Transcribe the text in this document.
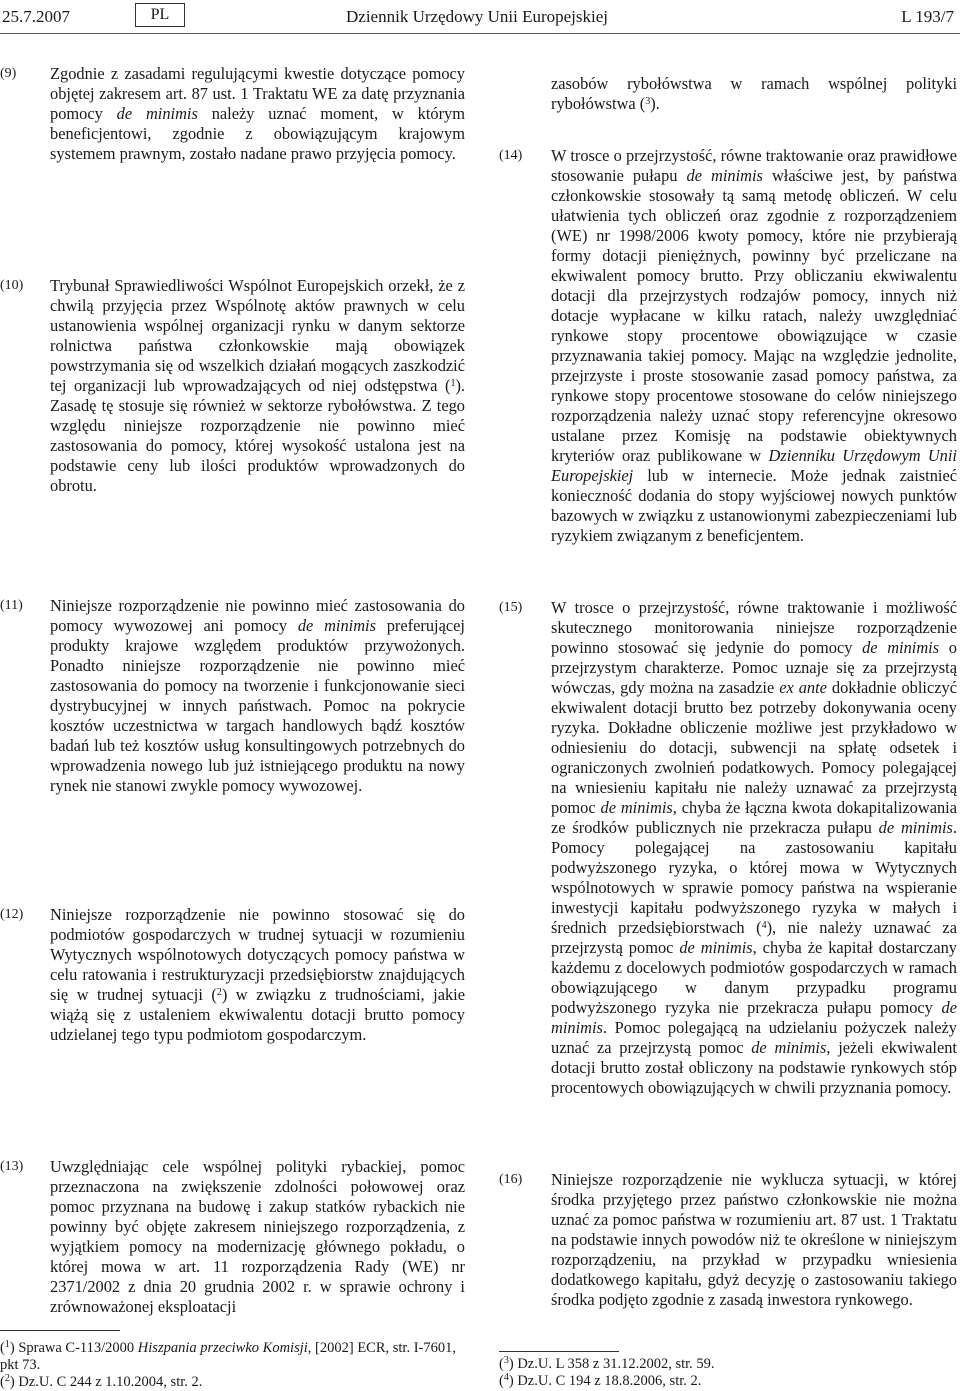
25.7.2007	PL	Dziennik Urzędowy Unii Europejskiej	L 193/7
(9) Zgodnie z zasadami regulującymi kwestie dotyczące pomocy objętej zakresem art. 87 ust. 1 Traktatu WE za datę przyznania pomocy de minimis należy uznać moment, w którym beneficjentowi, zgodnie z obowiązującym krajowym systemem prawnym, zostało nadane prawo przyjęcia pomocy.
(10) Trybunał Sprawiedliwości Wspólnot Europejskich orzekł, że z chwilą przyjęcia przez Wspólnotę aktów prawnych w celu ustanowienia wspólnej organizacji rynku w danym sektorze rolnictwa państwa członkowskie mają obowiązek powstrzymania się od wszelkich działań mogących zaszkodzić tej organizacji lub wprowadzających od niej odstępstwa ($^1$). Zasadę tę stosuje się również w sektorze rybołówstwa. Z tego względu niniejsze rozporządzenie nie powinno mieć zastosowania do pomocy, której wysokość ustalona jest na podstawie ceny lub ilości produktów wprowadzonych do obrotu.
(11) Niniejsze rozporządzenie nie powinno mieć zastosowania do pomocy wywozowej ani pomocy de minimis preferującej produkty krajowe względem produktów przywożonych. Ponadto niniejsze rozporządzenie nie powinno mieć zastosowania do pomocy na tworzenie i funkcjonowanie sieci dystrybucyjnej w innych państwach. Pomoc na pokrycie kosztów uczestnictwa w targach handlowych bądź kosztów badań lub też kosztów usług konsultingowych potrzebnych do wprowadzenia nowego lub już istniejącego produktu na nowy rynek nie stanowi zwykle pomocy wywozowej.
(12) Niniejsze rozporządzenie nie powinno stosować się do podmiotów gospodarczych w trudnej sytuacji w rozumieniu Wytycznych wspólnotowych dotyczących pomocy państwa w celu ratowania i restrukturyzacji przedsiębiorstw znajdujących się w trudnej sytuacji ($^2$) w związku z trudnościami, jakie wiążą się z ustaleniem ekwiwalentu dotacji brutto pomocy udzielanej tego typu podmiotom gospodarczym.
(13) Uwzględniając cele wspólnej polityki rybackiej, pomoc przeznaczona na zwiększenie zdolności połowowej oraz pomoc przyznana na budowę i zakup statków rybackich nie powinny być objęte zakresem niniejszego rozporządzenia, z wyjątkiem pomocy na modernizację głównego pokładu, o której mowa w art. 11 rozporządzenia Rady (WE) nr 2371/2002 z dnia 20 grudnia 2002 r. w sprawie ochrony i zrównoważonej eksploatacji
($^1$) Sprawa C-113/2000 Hiszpania przeciwko Komisji, [2002] ECR, str. I-7601, pkt 73.
($^2$) Dz.U. C 244 z 1.10.2004, str. 2.
zasobów rybołówstwa w ramach wspólnej polityki rybołówstwa ($^3$).
(14) W trosce o przejrzystość, równe traktowanie oraz prawidłowe stosowanie pułapu de minimis właściwe jest, by państwa członkowskie stosowały tą samą metodę obliczeń. W celu ułatwienia tych obliczeń oraz zgodnie z rozporządzeniem (WE) nr 1998/2006 kwoty pomocy, które nie przybierają formy dotacji pieniężnych, powinny być przeliczane na ekwiwalent pomocy brutto. Przy obliczaniu ekwiwalentu dotacji dla przejrzystych rodzajów pomocy, innych niż dotacje wypłacane w kilku ratach, należy uwzględniać rynkowe stopy procentowe obowiązujące w czasie przyznawania takiej pomocy. Mając na względzie jednolite, przejrzyste i proste stosowanie zasad pomocy państwa, za rynkowe stopy procentowe stosowane do celów niniejszego rozporządzenia należy uznać stopy referencyjne okresowo ustalane przez Komisję na podstawie obiektywnych kryteriów oraz publikowane w Dzienniku Urzędowym Unii Europejskiej lub w internecie. Może jednak zaistnieć konieczność dodania do stopy wyjściowej nowych punktów bazowych w związku z ustanowionymi zabezpieczeniami lub ryzykiem związanym z beneficjentem.
(15) W trosce o przejrzystość, równe traktowanie i możliwość skutecznego monitorowania niniejsze rozporządzenie powinno stosować się jedynie do pomocy de minimis o przejrzystym charakterze. Pomoc uznaje się za przejrzystą wówczas, gdy można na zasadzie ex ante dokładnie obliczyć ekwiwalent dotacji brutto bez potrzeby dokonywania oceny ryzyka. Dokładne obliczenie możliwe jest przykładowo w odniesieniu do dotacji, subwencji na spłatę odsetek i ograniczonych zwolnień podatkowych. Pomocy polegającej na wniesieniu kapitału nie należy uznawać za przejrzystą pomoc de minimis, chyba że łączna kwota dokapitalizowania ze środków publicznych nie przekracza pułapu de minimis. Pomocy polegającej na zastosowaniu kapitału podwyższonego ryzyka, o której mowa w Wytycznych wspólnotowych w sprawie pomocy państwa na wspieranie inwestycji kapitału podwyższonego ryzyka w małych i średnich przedsiębiorstwach ($^4$), nie należy uznawać za przejrzystą pomoc de minimis, chyba że kapitał dostarczany każdemu z docelowych podmiotów gospodarczych w ramach obowiązującego w danym przypadku programu podwyższonego ryzyka nie przekracza pułapu pomocy de minimis. Pomoc polegającą na udzielaniu pożyczek należy uznać za przejrzystą pomoc de minimis, jeżeli ekwiwalent dotacji brutto został obliczony na podstawie rynkowych stóp procentowych obowiązujących w chwili przyznania pomocy.
(16) Niniejsze rozporządzenie nie wyklucza sytuacji, w której środka przyjętego przez państwo członkowskie nie można uznać za pomoc państwa w rozumieniu art. 87 ust. 1 Traktatu na podstawie innych powodów niż te określone w niniejszym rozporządzeniu, na przykład w przypadku wniesienia dodatkowego kapitału, gdyż decyzję o zastosowaniu takiego środka podjęto zgodnie z zasadą inwestora rynkowego.
($^3$) Dz.U. L 358 z 31.12.2002, str. 59.
($^4$) Dz.U. C 194 z 18.8.2006, str. 2.
